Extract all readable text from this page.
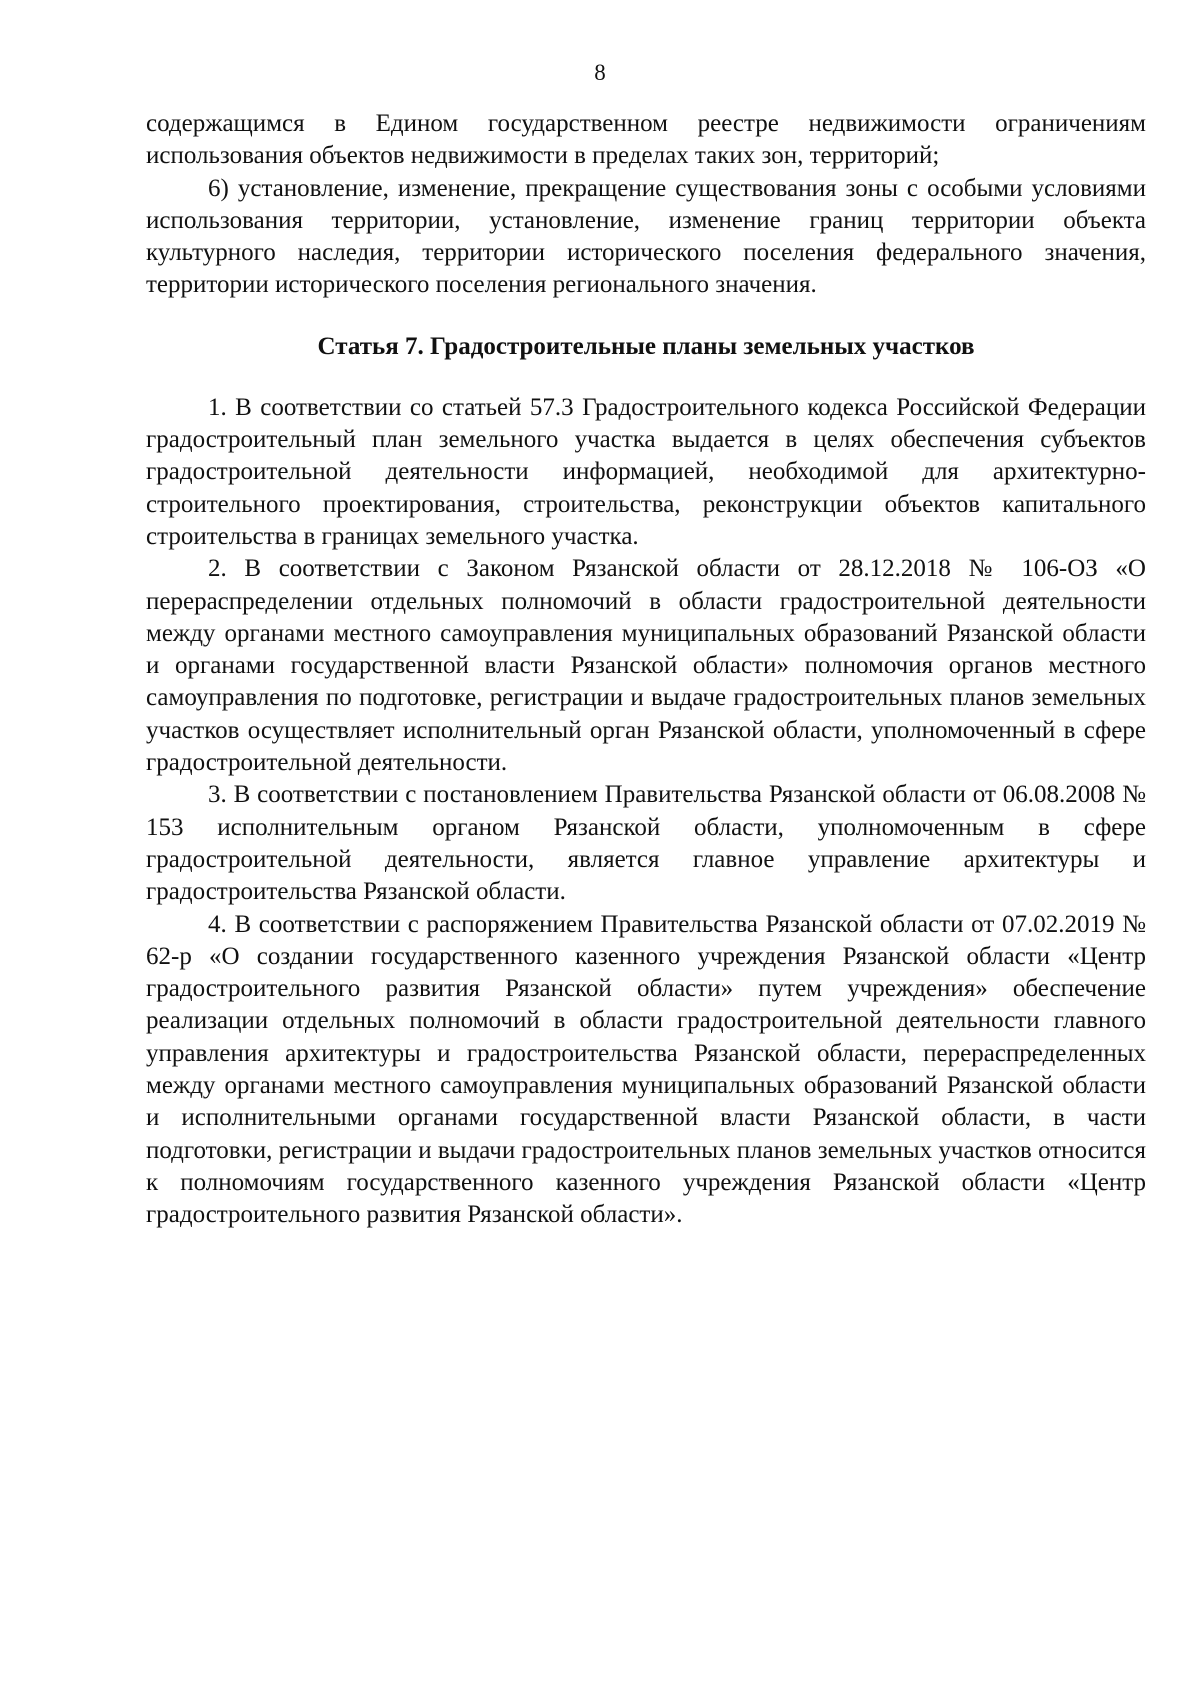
8

содержащимся в Едином государственном реестре недвижимости ограничениям использования объектов недвижимости в пределах таких зон, территорий;

6) установление, изменение, прекращение существования зоны с особыми условиями использования территории, установление, изменение границ территории объекта культурного наследия, территории исторического поселения федерального значения, территории исторического поселения регионального значения.

Статья 7. Градостроительные планы земельных участков

1. В соответствии со статьей 57.3 Градостроительного кодекса Российской Федерации градостроительный план земельного участка выдается в целях обеспечения субъектов градостроительной деятельности информацией, необходимой для архитектурно-строительного проектирования, строительства, реконструкции объектов капитального строительства в границах земельного участка.

2. В соответствии с Законом Рязанской области от 28.12.2018 № 106-ОЗ «О перераспределении отдельных полномочий в области градостроительной деятельности между органами местного самоуправления муниципальных образований Рязанской области и органами государственной власти Рязанской области» полномочия органов местного самоуправления по подготовке, регистрации и выдаче градостроительных планов земельных участков осуществляет исполнительный орган Рязанской области, уполномоченный в сфере градостроительной деятельности.

3. В соответствии с постановлением Правительства Рязанской области от 06.08.2008 № 153 исполнительным органом Рязанской области, уполномоченным в сфере градостроительной деятельности, является главное управление архитектуры и градостроительства Рязанской области.

4. В соответствии с распоряжением Правительства Рязанской области от 07.02.2019 № 62-р «О создании государственного казенного учреждения Рязанской области «Центр градостроительного развития Рязанской области» путем учреждения» обеспечение реализации отдельных полномочий в области градостроительной деятельности главного управления архитектуры и градостроительства Рязанской области, перераспределенных между органами местного самоуправления муниципальных образований Рязанской области и исполнительными органами государственной власти Рязанской области, в части подготовки, регистрации и выдачи градостроительных планов земельных участков относится к полномочиям государственного казенного учреждения Рязанской области «Центр градостроительного развития Рязанской области».
